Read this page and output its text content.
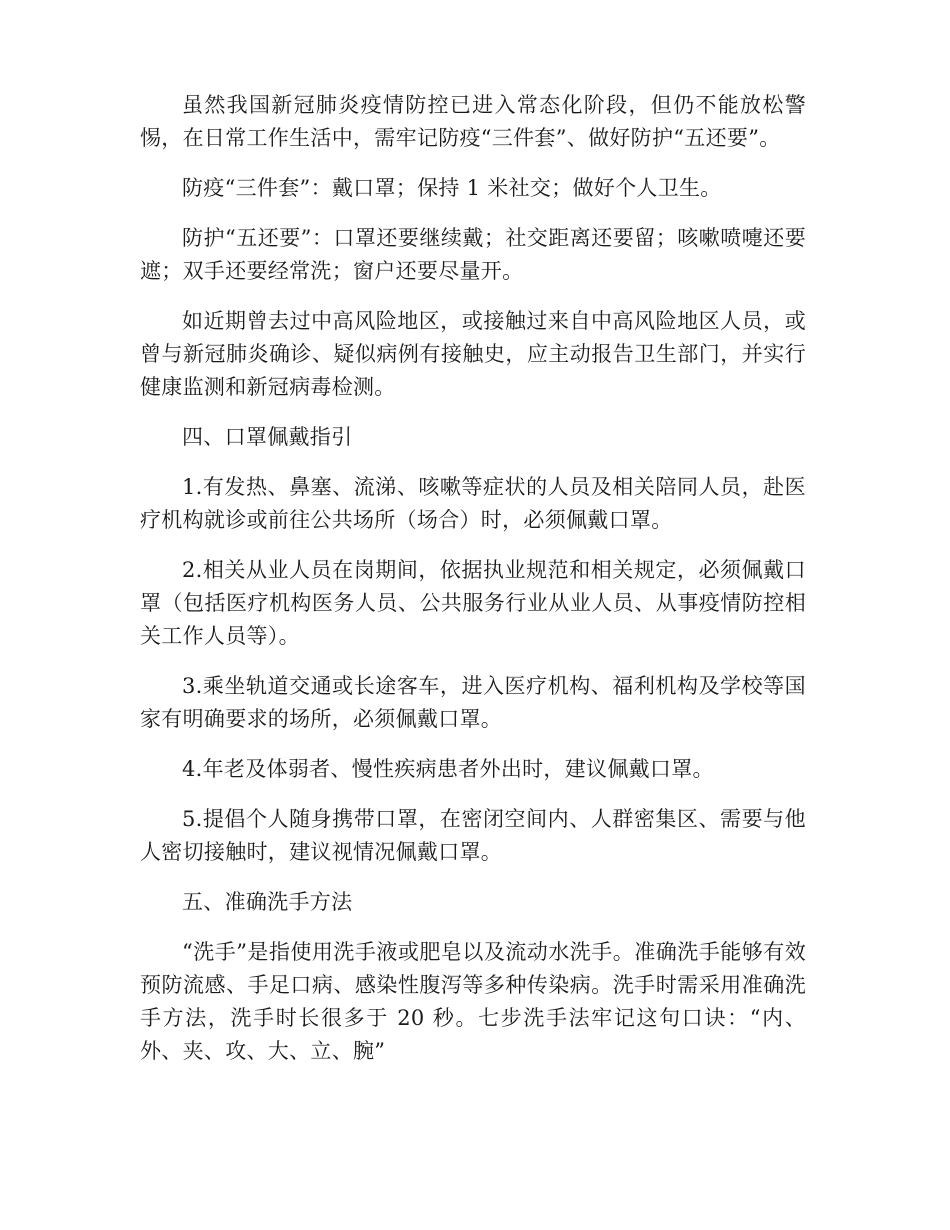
虽然我国新冠肺炎疫情防控已进入常态化阶段，但仍不能放松警惕，在日常工作生活中，需牢记防疫“三件套”、做好防护“五还要”。

防疫“三件套”：戴口罩；保持 1 米社交；做好个人卫生。

防护“五还要”：口罩还要继续戴；社交距离还要留；咳嗽喷嚏还要遮；双手还要经常洗；窗户还要尽量开。

如近期曾去过中高风险地区，或接触过来自中高风险地区人员，或曾与新冠肺炎确诊、疑似病例有接触史，应主动报告卫生部门，并实行健康监测和新冠病毒检测。

四、口罩佩戴指引

1.有发热、鼻塞、流涕、咳嗽等症状的人员及相关陪同人员，赴医疗机构就诊或前往公共场所（场合）时，必须佩戴口罩。

2.相关从业人员在岗期间，依据执业规范和相关规定，必须佩戴口罩（包括医疗机构医务人员、公共服务行业从业人员、从事疫情防控相关工作人员等）。

3.乘坐轨道交通或长途客车，进入医疗机构、福利机构及学校等国家有明确要求的场所，必须佩戴口罩。

4.年老及体弱者、慢性疾病患者外出时，建议佩戴口罩。

5.提倡个人随身携带口罩，在密闭空间内、人群密集区、需要与他人密切接触时，建议视情况佩戴口罩。

五、准确洗手方法

“洗手”是指使用洗手液或肥皂以及流动水洗手。准确洗手能够有效预防流感、手足口病、感染性腹泻等多种传染病。洗手时需采用准确洗手方法，洗手时长很多于 20 秒。七步洗手法牢记这句口诀：“内、外、夹、攻、大、立、腕”
